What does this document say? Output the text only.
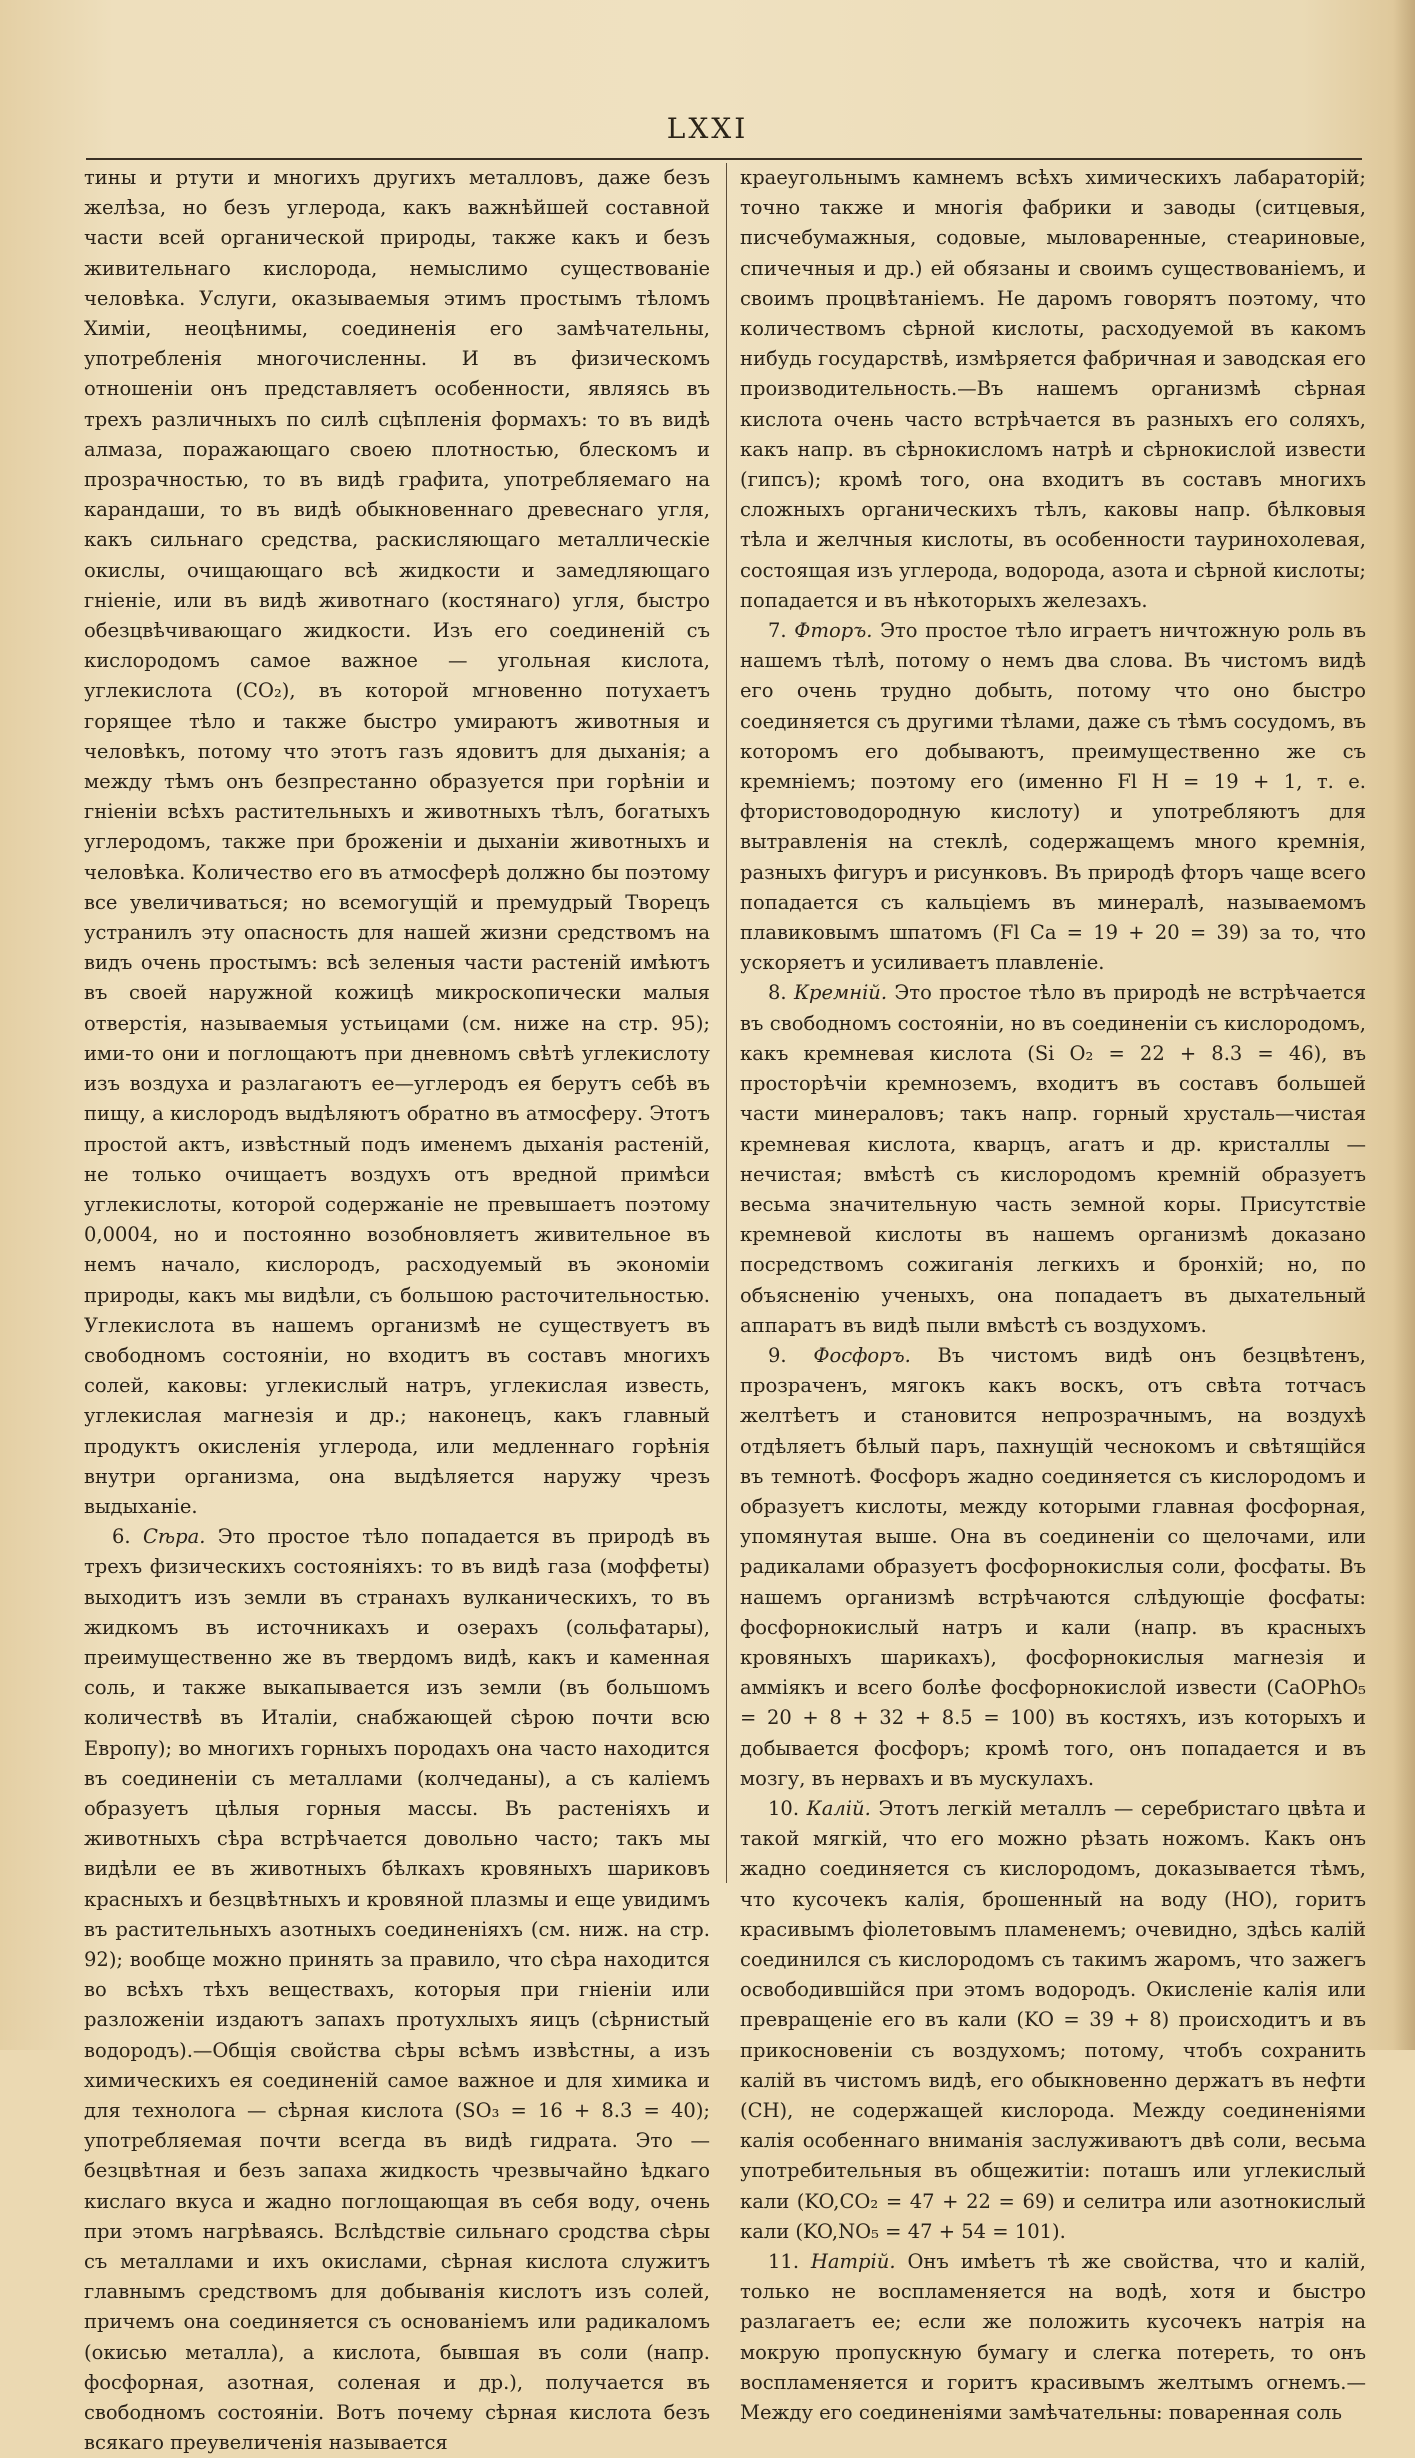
LXXI

тины и ртути и многихъ другихъ металловъ, даже безъ желѣза, но безъ углерода, какъ важнѣйшей составной части всей органической природы, также какъ и безъ живительнаго кислорода, немыслимо существованіе человѣка. Услуги, оказываемыя этимъ простымъ тѣломъ Химіи, неоцѣнимы, соединенія его замѣчательны, употребленія многочисленны. И въ физическомъ отношеніи онъ представляетъ особенности, являясь въ трехъ различныхъ по силѣ сцѣпленія формахъ: то въ видѣ алмаза, поражающаго своею плотностью, блескомъ и прозрачностью, то въ видѣ графита, употребляемаго на карандаши, то въ видѣ обыкновеннаго древеснаго угля, какъ сильнаго средства, раскисляющаго металлическіе окислы, очищающаго всѣ жидкости и замедляющаго гніеніе, или въ видѣ животнаго (костянаго) угля, быстро обезцвѣчивающаго жидкости. Изъ его соединеній съ кислородомъ самое важное — угольная кислота, углекислота (CO₂), въ которой мгновенно потухаетъ горящее тѣло и также быстро умираютъ животныя и человѣкъ, потому что этотъ газъ ядовитъ для дыханія; а между тѣмъ онъ безпрестанно образуется при горѣніи и гніеніи всѣхъ растительныхъ и животныхъ тѣлъ, богатыхъ углеродомъ, также при броженіи и дыханіи животныхъ и человѣка. Количество его въ атмосферѣ должно бы поэтому все увеличиваться; но всемогущій и премудрый Творецъ устранилъ эту опасность для нашей жизни средствомъ на видъ очень простымъ: всѣ зеленыя части растеній имѣютъ въ своей наружной кожицѣ микроскопически малыя отверстія, называемыя устьицами (см. ниже на стр. 95); ими-то они и поглощаютъ при дневномъ свѣтѣ углекислоту изъ воздуха и разлагаютъ ее—углеродъ ея берутъ себѣ въ пищу, а кислородъ выдѣляютъ обратно въ атмосферу. Этотъ простой актъ, извѣстный подъ именемъ дыханія растеній, не только очищаетъ воздухъ отъ вредной примѣси углекислоты, которой содержаніе не превышаетъ поэтому 0,0004, но и постоянно возобновляетъ живительное въ немъ начало, кислородъ, расходуемый въ экономіи природы, какъ мы видѣли, съ большою расточительностью. Углекислота въ нашемъ организмѣ не существуетъ въ свободномъ состояніи, но входитъ въ составъ многихъ солей, каковы: углекислый натръ, углекислая известь, углекислая магнезія и др.; наконецъ, какъ главный продуктъ окисленія углерода, или медленнаго горѣнія внутри организма, она выдѣляется наружу чрезъ выдыханіе.

6. Сѣра. Это простое тѣло попадается въ природѣ въ трехъ физическихъ состояніяхъ: то въ видѣ газа (моффеты) выходитъ изъ земли въ странахъ вулканическихъ, то въ жидкомъ въ источникахъ и озерахъ (сольфатары), преимущественно же въ твердомъ видѣ, какъ и каменная соль, и также выкапывается изъ земли (въ большомъ количествѣ въ Италіи, снабжающей сѣрою почти всю Европу); во многихъ горныхъ породахъ она часто находится въ соединеніи съ металлами (колчеданы), а съ каліемъ образуетъ цѣлыя горныя массы. Въ растеніяхъ и животныхъ сѣра встрѣчается довольно часто; такъ мы видѣли ее въ животныхъ бѣлкахъ кровяныхъ шариковъ красныхъ и безцвѣтныхъ и кровяной плазмы и еще увидимъ въ растительныхъ азотныхъ соединеніяхъ (см. ниж. на стр. 92); вообще можно принять за правило, что сѣра находится во всѣхъ тѣхъ веществахъ, которыя при гніеніи или разложеніи издаютъ запахъ протухлыхъ яицъ (сѣрнистый водородъ).—Общія свойства сѣры всѣмъ извѣстны, а изъ химическихъ ея соединеній самое важное и для химика и для технолога — сѣрная кислота (SO₃ = 16 + 8.3 = 40); употребляемая почти всегда въ видѣ гидрата. Это — безцвѣтная и безъ запаха жидкость чрезвычайно ѣдкаго кислаго вкуса и жадно поглощающая въ себя воду, очень при этомъ нагрѣваясь. Вслѣдствіе сильнаго сродства сѣры съ металлами и ихъ окислами, сѣрная кислота служитъ главнымъ средствомъ для добыванія кислотъ изъ солей, причемъ она соединяется съ основаніемъ или радикаломъ (окисью металла), а кислота, бывшая въ соли (напр. фосфорная, азотная, соленая и др.), получается въ свободномъ состояніи. Вотъ почему сѣрная кислота безъ всякаго преувеличенія называется

краеугольнымъ камнемъ всѣхъ химическихъ лабараторій; точно также и многія фабрики и заводы (ситцевыя, писчебумажныя, содовые, мыловаренные, стеариновые, спичечныя и др.) ей обязаны и своимъ существованіемъ, и своимъ процвѣтаніемъ. Не даромъ говорятъ поэтому, что количествомъ сѣрной кислоты, расходуемой въ какомъ нибудь государствѣ, измѣряется фабричная и заводская его производительность.—Въ нашемъ организмѣ сѣрная кислота очень часто встрѣчается въ разныхъ его соляхъ, какъ напр. въ сѣрнокисломъ натрѣ и сѣрнокислой извести (гипсъ); кромѣ того, она входитъ въ составъ многихъ сложныхъ органическихъ тѣлъ, каковы напр. бѣлковыя тѣла и желчныя кислоты, въ особенности тауринохолевая, состоящая изъ углерода, водорода, азота и сѣрной кислоты; попадается и въ нѣкоторыхъ железахъ.

7. Фторъ. Это простое тѣло играетъ ничтожную роль въ нашемъ тѣлѣ, потому о немъ два слова. Въ чистомъ видѣ его очень трудно добыть, потому что оно быстро соединяется съ другими тѣлами, даже съ тѣмъ сосудомъ, въ которомъ его добываютъ, преимущественно же съ кремніемъ; поэтому его (именно Fl H = 19 + 1, т. е. фтористоводородную кислоту) и употребляютъ для вытравленія на стеклѣ, содержащемъ много кремнія, разныхъ фигуръ и рисунковъ. Въ природѣ фторъ чаще всего попадается съ кальціемъ въ минералѣ, называемомъ плавиковымъ шпатомъ (Fl Ca = 19 + 20 = 39) за то, что ускоряетъ и усиливаетъ плавленіе.

8. Кремній. Это простое тѣло въ природѣ не встрѣчается въ свободномъ состояніи, но въ соединеніи съ кислородомъ, какъ кремневая кислота (Si O₂ = 22 + 8.3 = 46), въ просторѣчіи кремноземъ, входитъ въ составъ большей части минераловъ; такъ напр. горный хрусталь—чистая кремневая кислота, кварцъ, агатъ и др. кристаллы — нечистая; вмѣстѣ съ кислородомъ кремній образуетъ весьма значительную часть земной коры. Присутствіе кремневой кислоты въ нашемъ организмѣ доказано посредствомъ сожиганія легкихъ и бронхій; но, по объясненію ученыхъ, она попадаетъ въ дыхательный аппаратъ въ видѣ пыли вмѣстѣ съ воздухомъ.

9. Фосфоръ. Въ чистомъ видѣ онъ безцвѣтенъ, прозраченъ, мягокъ какъ воскъ, отъ свѣта тотчасъ желтѣетъ и становится непрозрачнымъ, на воздухѣ отдѣляетъ бѣлый паръ, пахнущій чеснокомъ и свѣтящійся въ темнотѣ. Фосфоръ жадно соединяется съ кислородомъ и образуетъ кислоты, между которыми главная фосфорная, упомянутая выше. Она въ соединеніи со щелочами, или радикалами образуетъ фосфорнокислыя соли, фосфаты. Въ нашемъ организмѣ встрѣчаются слѣдующіе фосфаты: фосфорнокислый натръ и кали (напр. въ красныхъ кровяныхъ шарикахъ), фосфорнокислыя магнезія и аммiякъ и всего болѣе фосфорнокислой извести (CaOPhO₅ = 20 + 8 + 32 + 8.5 = 100) въ костяхъ, изъ которыхъ и добывается фосфоръ; кромѣ того, онъ попадается и въ мозгу, въ нервахъ и въ мускулахъ.

10. Калій. Этотъ легкій металлъ — серебристаго цвѣта и такой мягкій, что его можно рѣзать ножомъ. Какъ онъ жадно соединяется съ кислородомъ, доказывается тѣмъ, что кусочекъ калія, брошенный на воду (HO), горитъ красивымъ фіолетовымъ пламенемъ; очевидно, здѣсь калій соединился съ кислородомъ съ такимъ жаромъ, что зажегъ освободившійся при этомъ водородъ. Окисленіе калія или превращеніе его въ кали (KO = 39 + 8) происходитъ и въ прикосновеніи съ воздухомъ; потому, чтобъ сохранить калій въ чистомъ видѣ, его обыкновенно держатъ въ нефти (CH), не содержащей кислорода. Между соединеніями калія особеннаго вниманія заслуживаютъ двѣ соли, весьма употребительныя въ общежитіи: поташъ или углекислый кали (KO,CO₂ = 47 + 22 = 69) и селитра или азотнокислый кали (KO,NO₅ = 47 + 54 = 101).

11. Натрій. Онъ имѣетъ тѣ же свойства, что и калій, только не воспламеняется на водѣ, хотя и быстро разлагаетъ ее; если же положить кусочекъ натрія на мокрую пропускную бумагу и слегка потереть, то онъ воспламеняется и горитъ красивымъ желтымъ огнемъ.— Между его соединеніями замѣчательны: поваренная соль
